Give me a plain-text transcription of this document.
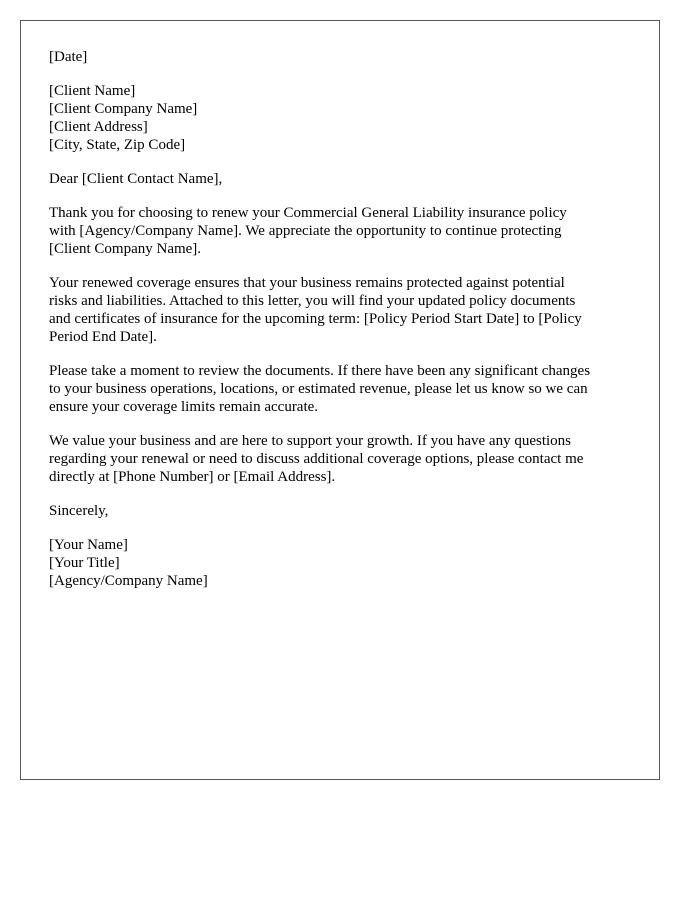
[Date]
[Client Name]
[Client Company Name]
[Client Address]
[City, State, Zip Code]
Dear [Client Contact Name],
Thank you for choosing to renew your Commercial General Liability insurance policy
with [Agency/Company Name]. We appreciate the opportunity to continue protecting
[Client Company Name].
Your renewed coverage ensures that your business remains protected against potential
risks and liabilities. Attached to this letter, you will find your updated policy documents
and certificates of insurance for the upcoming term: [Policy Period Start Date] to [Policy
Period End Date].
Please take a moment to review the documents. If there have been any significant changes
to your business operations, locations, or estimated revenue, please let us know so we can
ensure your coverage limits remain accurate.
We value your business and are here to support your growth. If you have any questions
regarding your renewal or need to discuss additional coverage options, please contact me
directly at [Phone Number] or [Email Address].
Sincerely,
[Your Name]
[Your Title]
[Agency/Company Name]
